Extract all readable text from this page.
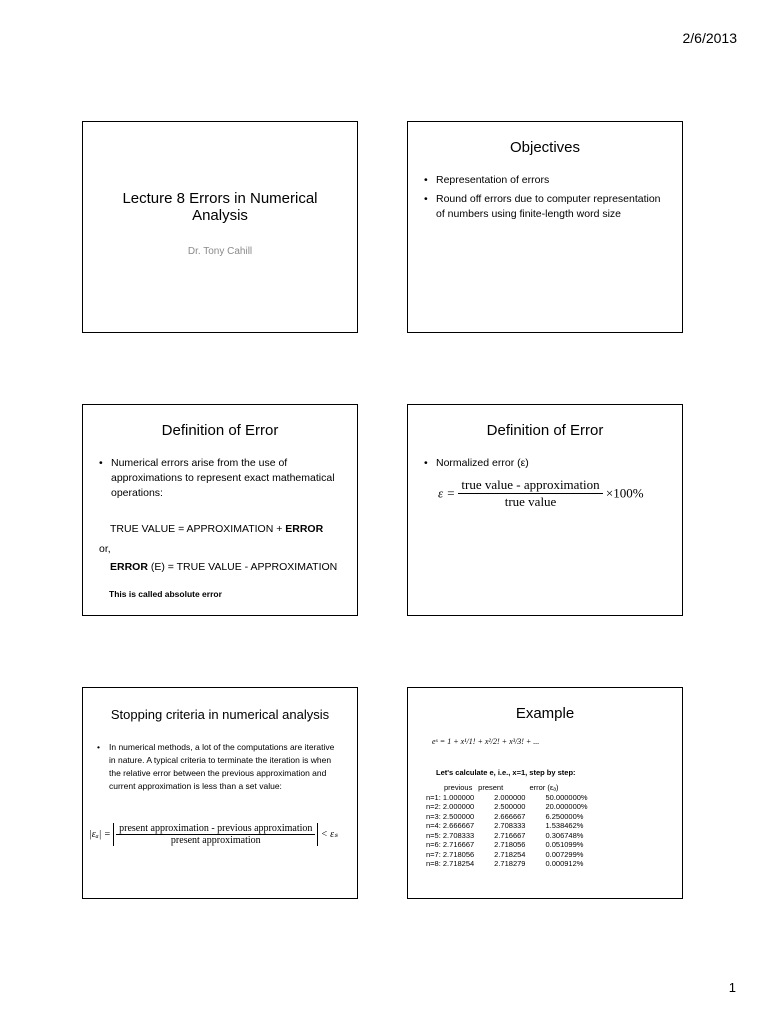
2/6/2013
Lecture 8 Errors in Numerical Analysis
Dr. Tony Cahill
Objectives
• Representation of errors
• Round off errors due to computer representation of numbers using finite-length word size
Definition of Error
• Numerical errors arise from the use of approximations to represent exact mathematical operations:
TRUE VALUE = APPROXIMATION + ERROR
or,
ERROR (E) = TRUE VALUE - APPROXIMATION
This is called absolute error
Definition of Error
• Normalized error (ε)
$\varepsilon = \frac{\text{true value - approximation}}{\text{true value}} \times 100\%$
Stopping criteria in numerical analysis
• In numerical methods, a lot of the computations are iterative in nature. A typical criteria to terminate the iteration is when the relative error between the previous approximation and current approximation is less than a set value:
$|\varepsilon_a| = \frac{\text{present approximation - previous approximation}}{\text{present approximation}} < \varepsilon_s$
Example
eˣ = 1 + x¹/1! + x²/2! + x³/3! + ...
Let's calculate e, i.e., x=1, step by step:
previous	present	error (εₐ)
n=1: 1.000000	2.000000	50.000000%
n=2: 2.000000	2.500000	20.000000%
n=3: 2.500000	2.666667	6.250000%
n=4: 2.666667	2.708333	1.538462%
n=5: 2.708333	2.716667	0.306748%
n=6: 2.716667	2.718056	0.051099%
n=7: 2.718056	2.718254	0.007299%
n=8: 2.718254	2.718279	0.000912%
1
